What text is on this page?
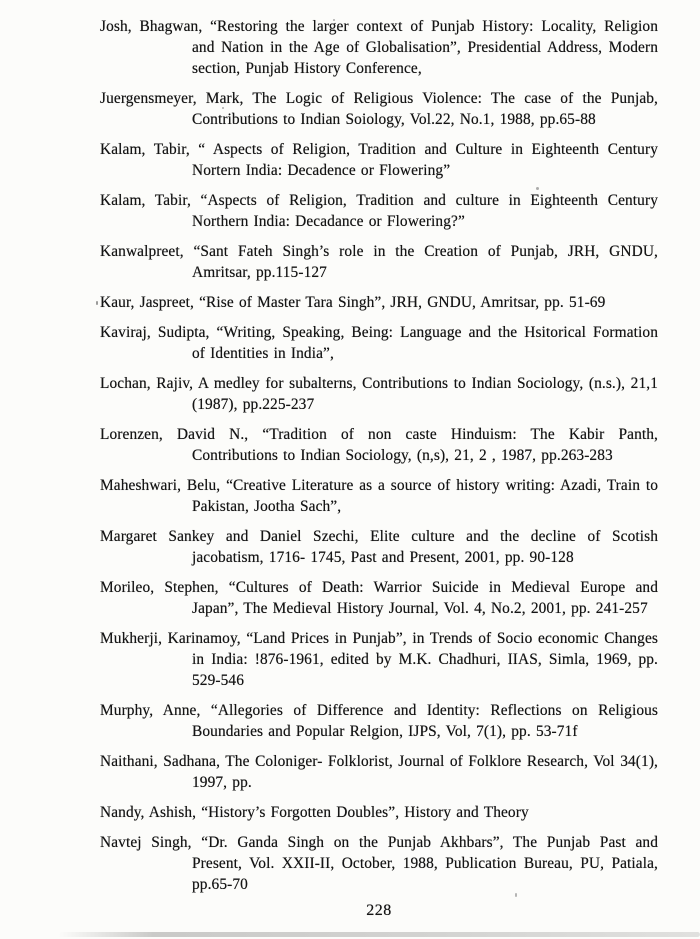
Josh, Bhagwan, “Restoring the larger context of Punjab History: Locality, Religion and Nation in the Age of Globalisation”, Presidential Address, Modern section, Punjab History Conference,

Juergensmeyer, Mark, The Logic of Religious Violence: The case of the Punjab, Contributions to Indian Soiology, Vol.22, No.1, 1988, pp.65-88

Kalam, Tabir, “ Aspects of Religion, Tradition and Culture in Eighteenth Century Nortern India: Decadence or Flowering”

Kalam, Tabir, “Aspects of Religion, Tradition and culture in Eighteenth Century Northern India: Decadance or Flowering?”

Kanwalpreet, “Sant Fateh Singh’s role in the Creation of Punjab, JRH, GNDU, Amritsar, pp.115-127

Kaur, Jaspreet, “Rise of Master Tara Singh”, JRH, GNDU, Amritsar, pp. 51-69

Kaviraj, Sudipta, “Writing, Speaking, Being: Language and the Hsitorical Formation of Identities in India”,

Lochan, Rajiv, A medley for subalterns, Contributions to Indian Sociology, (n.s.), 21,1 (1987), pp.225-237

Lorenzen, David N., “Tradition of non caste Hinduism: The Kabir Panth, Contributions to Indian Sociology, (n,s), 21, 2 , 1987, pp.263-283

Maheshwari, Belu, “Creative Literature as a source of history writing: Azadi, Train to Pakistan, Jootha Sach”,

Margaret Sankey and Daniel Szechi, Elite culture and the decline of Scotish jacobatism, 1716- 1745, Past and Present, 2001, pp. 90-128

Morileo, Stephen, “Cultures of Death: Warrior Suicide in Medieval Europe and Japan”, The Medieval History Journal, Vol. 4, No.2, 2001, pp. 241-257

Mukherji, Karinamoy, “Land Prices in Punjab”, in Trends of Socio economic Changes in India: !876-1961, edited by M.K. Chadhuri, IIAS, Simla, 1969, pp. 529-546

Murphy, Anne, “Allegories of Difference and Identity: Reflections on Religious Boundaries and Popular Relgion, IJPS, Vol, 7(1), pp. 53-71f

Naithani, Sadhana, The Coloniger- Folklorist, Journal of Folklore Research, Vol 34(1), 1997, pp.

Nandy, Ashish, “History’s Forgotten Doubles”, History and Theory

Navtej Singh, “Dr. Ganda Singh on the Punjab Akhbars”, The Punjab Past and Present, Vol. XXII-II, October, 1988, Publication Bureau, PU, Patiala, pp.65-70

228
